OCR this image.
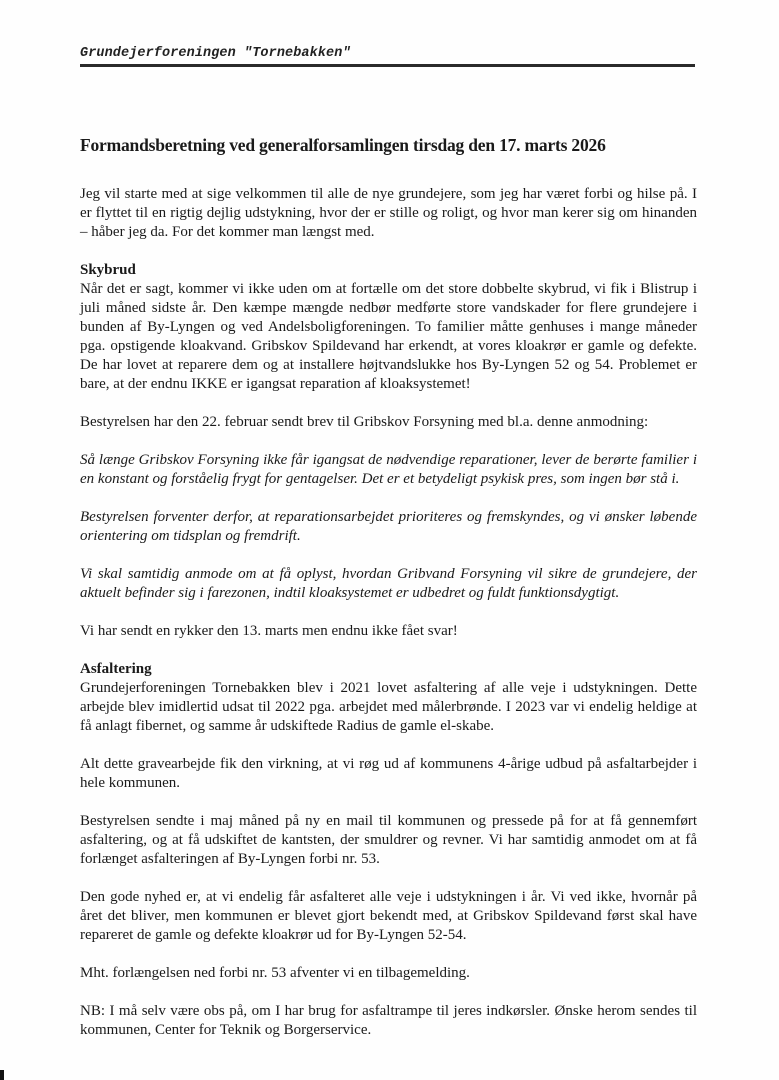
Grundejerforeningen "Tornebakken"
Formandsberetning ved generalforsamlingen tirsdag den 17. marts 2026

Jeg vil starte med at sige velkommen til alle de nye grundejere, som jeg har været forbi og hilse på. I er flyttet til en rigtig dejlig udstykning, hvor der er stille og roligt, og hvor man kerer sig om hinanden – håber jeg da. For det kommer man længst med.

Skybrud

Når det er sagt, kommer vi ikke uden om at fortælle om det store dobbelte skybrud, vi fik i Blistrup i juli måned sidste år. Den kæmpe mængde nedbør medførte store vandskader for flere grundejere i bunden af By-Lyngen og ved Andelsboligforeningen. To familier måtte genhuses i mange måneder pga. opstigende kloakvand. Gribskov Spildevand har erkendt, at vores kloakrør er gamle og defekte. De har lovet at reparere dem og at installere højtvandslukke hos By-Lyngen 52 og 54. Problemet er bare, at der endnu IKKE er igangsat reparation af kloaksystemet!

Bestyrelsen har den 22. februar sendt brev til Gribskov Forsyning med bl.a. denne anmodning:

Så længe Gribskov Forsyning ikke får igangsat de nødvendige reparationer, lever de berørte familier i en konstant og forståelig frygt for gentagelser. Det er et betydeligt psykisk pres, som ingen bør stå i.

Bestyrelsen forventer derfor, at reparationsarbejdet prioriteres og fremskyndes, og vi ønsker løbende orientering om tidsplan og fremdrift.

Vi skal samtidig anmode om at få oplyst, hvordan Gribvand Forsyning vil sikre de grundejere, der aktuelt befinder sig i farezonen, indtil kloaksystemet er udbedret og fuldt funktionsdygtigt.

Vi har sendt en rykker den 13. marts men endnu ikke fået svar!

Asfaltering

Grundejerforeningen Tornebakken blev i 2021 lovet asfaltering af alle veje i udstykningen. Dette arbejde blev imidlertid udsat til 2022 pga. arbejdet med målerbrønde. I 2023 var vi endelig heldige at få anlagt fibernet, og samme år udskiftede Radius de gamle el-skabe.

Alt dette gravearbejde fik den virkning, at vi røg ud af kommunens 4-årige udbud på asfaltarbejder i hele kommunen.

Bestyrelsen sendte i maj måned på ny en mail til kommunen og pressede på for at få gennemført asfaltering, og at få udskiftet de kantsten, der smuldrer og revner. Vi har samtidig anmodet om at få forlænget asfalteringen af By-Lyngen forbi nr. 53.

Den gode nyhed er, at vi endelig får asfalteret alle veje i udstykningen i år. Vi ved ikke, hvornår på året det bliver, men kommunen er blevet gjort bekendt med, at Gribskov Spildevand først skal have repareret de gamle og defekte kloakrør ud for By-Lyngen 52-54.

Mht. forlængelsen ned forbi nr. 53 afventer vi en tilbagemelding.

NB: I må selv være obs på, om I har brug for asfaltrampe til jeres indkørsler. Ønske herom sendes til kommunen, Center for Teknik og Borgerservice.
